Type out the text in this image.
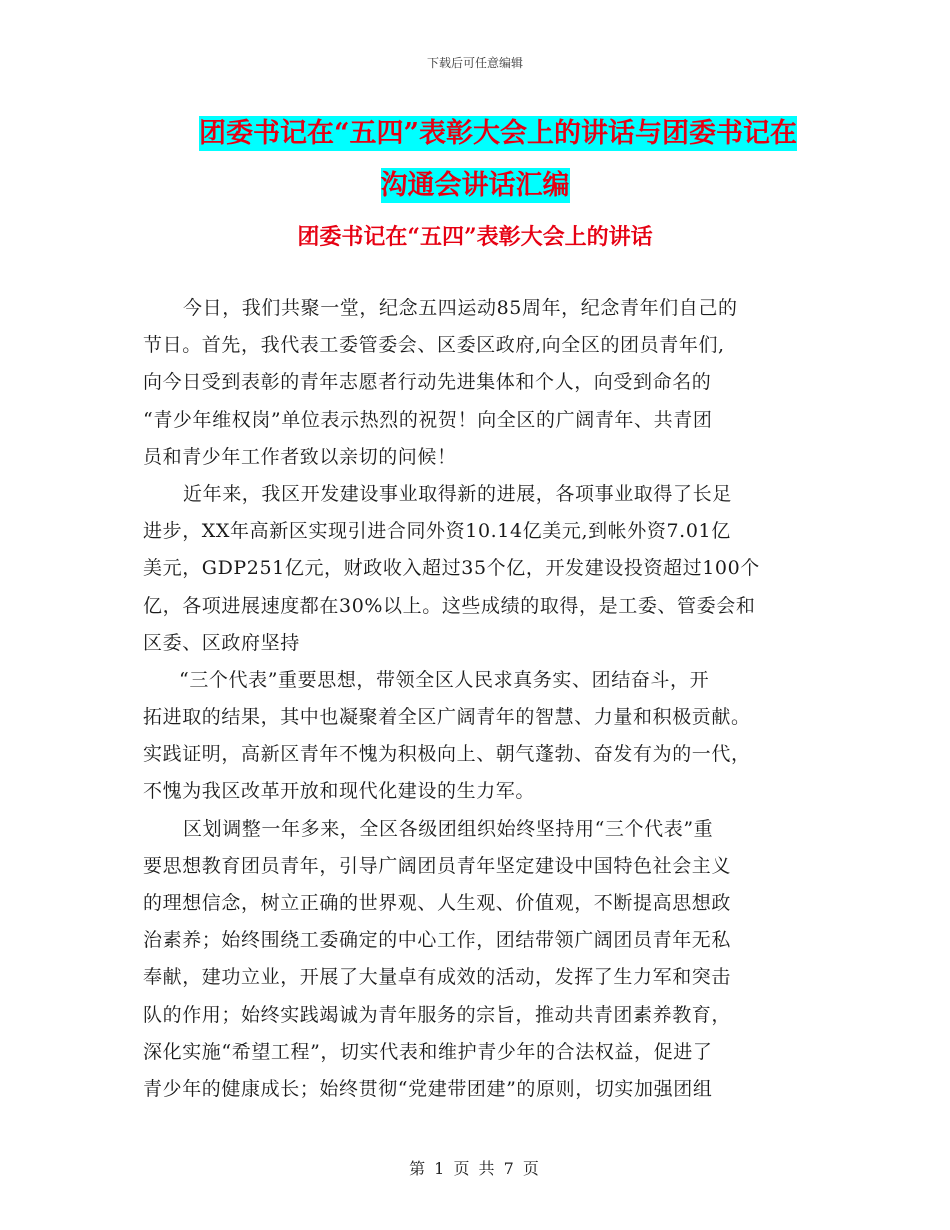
下载后可任意编辑
团委书记在“五四”表彰大会上的讲话与团委书记在
沟通会讲话汇编
团委书记在“五四”表彰大会上的讲话
今日，我们共聚一堂，纪念五四运动85周年，纪念青年们自己的
节日。首先，我代表工委管委会、区委区政府,向全区的团员青年们,
向今日受到表彰的青年志愿者行动先进集体和个人，向受到命名的
“青少年维权岗”单位表示热烈的祝贺！向全区的广阔青年、共青团
员和青少年工作者致以亲切的问候！
近年来，我区开发建设事业取得新的进展，各项事业取得了长足
进步，XX年高新区实现引进合同外资10.14亿美元,到帐外资7.01亿
美元，GDP251亿元，财政收入超过35个亿，开发建设投资超过100个
亿，各项进展速度都在30%以上。这些成绩的取得，是工委、管委会和
区委、区政府坚持
“三个代表”重要思想，带领全区人民求真务实、团结奋斗，开
拓进取的结果，其中也凝聚着全区广阔青年的智慧、力量和积极贡献。
实践证明，高新区青年不愧为积极向上、朝气蓬勃、奋发有为的一代，
不愧为我区改革开放和现代化建设的生力军。
区划调整一年多来，全区各级团组织始终坚持用“三个代表”重
要思想教育团员青年，引导广阔团员青年坚定建设中国特色社会主义
的理想信念，树立正确的世界观、人生观、价值观，不断提高思想政
治素养；始终围绕工委确定的中心工作，团结带领广阔团员青年无私
奉献，建功立业，开展了大量卓有成效的活动，发挥了生力军和突击
队的作用；始终实践竭诚为青年服务的宗旨，推动共青团素养教育，
深化实施“希望工程”，切实代表和维护青少年的合法权益，促进了
青少年的健康成长；始终贯彻“党建带团建”的原则，切实加强团组
第 1 页 共 7 页
